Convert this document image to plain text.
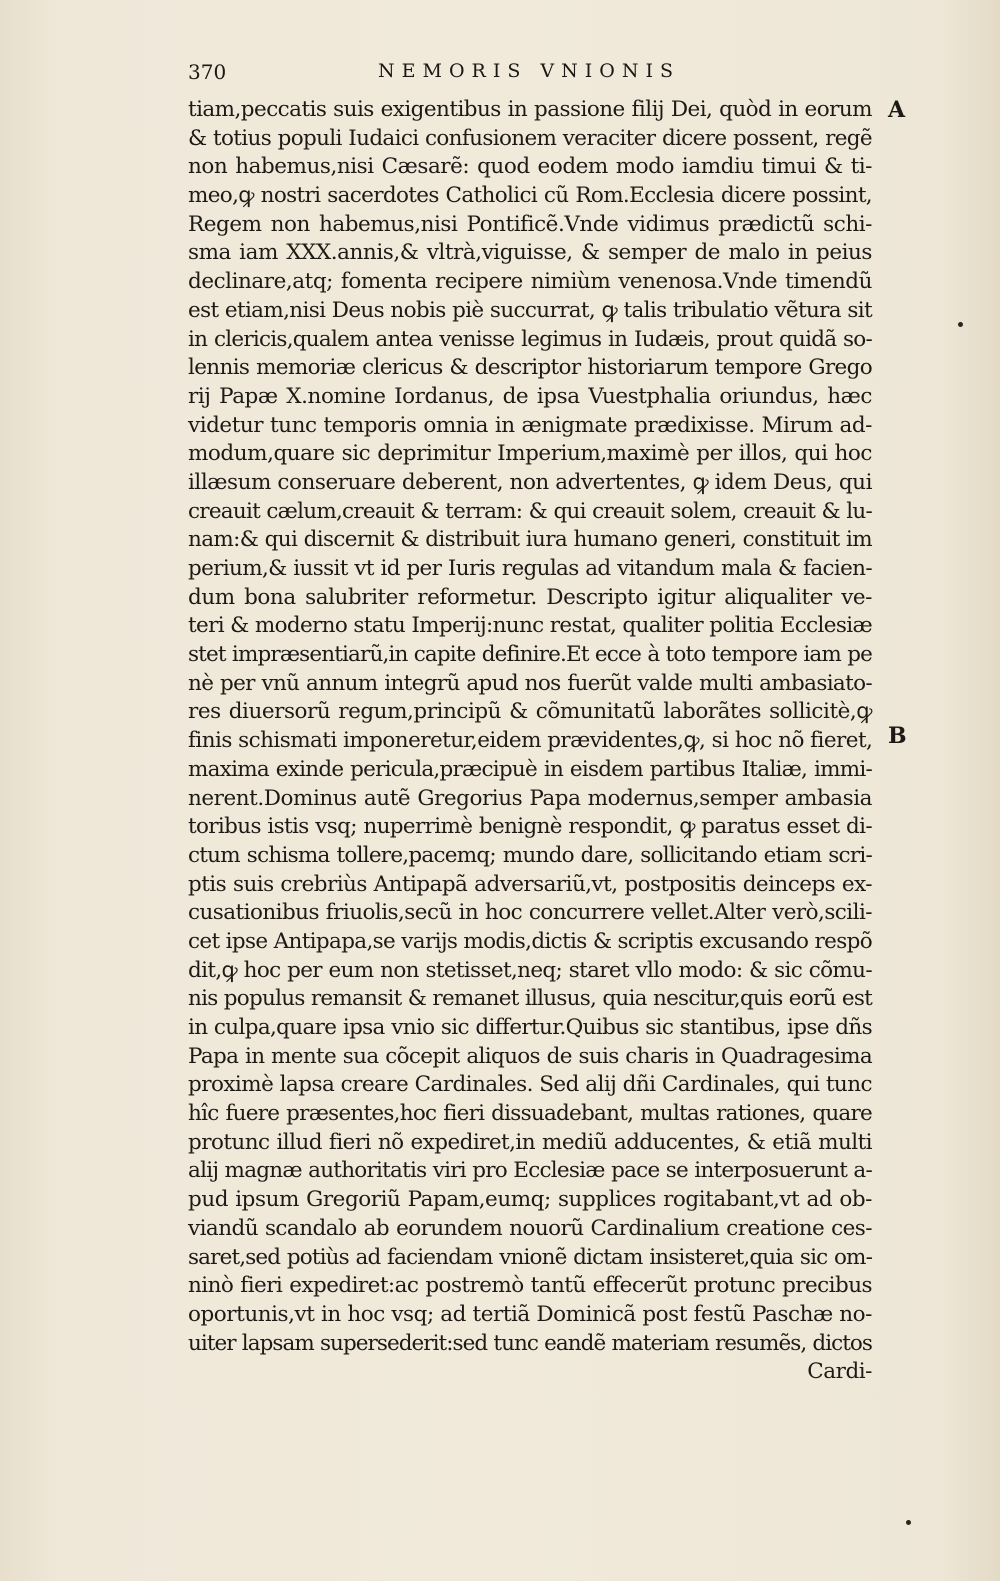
370	NEMORIS VNIONIS
A
B
tiam,peccatis suis exigentibus in passione filij Dei, quòd in eorum
& totius populi Iudaici confusionem veraciter dicere possent, regẽ
non habemus,nisi Cæsarẽ: quod eodem modo iamdiu timui & ti-
meo,ꝙ nostri sacerdotes Catholici cũ Rom.Ecclesia dicere possint,
Regem non habemus,nisi Pontificẽ.Vnde vidimus prædictũ schi-
sma iam XXX.annis,& vltrà,viguisse, & semper de malo in peius
declinare,atq; fomenta recipere nimiùm venenosa.Vnde timendũ
est etiam,nisi Deus nobis piè succurrat, ꝙ talis tribulatio vẽtura sit
in clericis,qualem antea venisse legimus in Iudæis, prout quidã so-
lennis memoriæ clericus & descriptor historiarum tempore Grego
rij Papæ X.nomine Iordanus, de ipsa Vuestphalia oriundus, hæc
videtur tunc temporis omnia in ænigmate prædixisse. Mirum ad-
modum,quare sic deprimitur Imperium,maximè per illos, qui hoc
illæsum conseruare deberent, non advertentes, ꝙ idem Deus, qui
creauit cælum,creauit & terram: & qui creauit solem, creauit & lu-
nam:& qui discernit & distribuit iura humano generi, constituit im
perium,& iussit vt id per Iuris regulas ad vitandum mala & facien-
dum bona salubriter reformetur. Descripto igitur aliqualiter ve-
teri & moderno statu Imperij:nunc restat, qualiter politia Ecclesiæ
stet impræsentiarũ,in capite definire.Et ecce à toto tempore iam pe
nè per vnũ annum integrũ apud nos fuerũt valde multi ambasiato-
res diuersorũ regum,principũ & cõmunitatũ laborãtes sollicitè,ꝙ
finis schismati imponeretur,eidem prævidentes,ꝙ, si hoc nõ fieret,
maxima exinde pericula,præcipuè in eisdem partibus Italiæ, immi-
nerent.Dominus autẽ Gregorius Papa modernus,semper ambasia
toribus istis vsq; nuperrimè benignè respondit, ꝙ paratus esset di-
ctum schisma tollere,pacemq; mundo dare, sollicitando etiam scri-
ptis suis crebriùs Antipapã adversariũ,vt, postpositis deinceps ex-
cusationibus friuolis,secũ in hoc concurrere vellet.Alter verò,scili-
cet ipse Antipapa,se varijs modis,dictis & scriptis excusando respõ
dit,ꝙ hoc per eum non stetisset,neq; staret vllo modo: & sic cõmu-
nis populus remansit & remanet illusus, quia nescitur,quis eorũ est
in culpa,quare ipsa vnio sic differtur.Quibus sic stantibus, ipse dñs
Papa in mente sua cõcepit aliquos de suis charis in Quadragesima
proximè lapsa creare Cardinales. Sed alij dñi Cardinales, qui tunc
hîc fuere præsentes,hoc fieri dissuadebant, multas rationes, quare
protunc illud fieri nõ expediret,in mediũ adducentes, & etiã multi
alij magnæ authoritatis viri pro Ecclesiæ pace se interposuerunt a-
pud ipsum Gregoriũ Papam,eumq; supplices rogitabant,vt ad ob-
viandũ scandalo ab eorundem nouorũ Cardinalium creatione ces-
saret,sed potiùs ad faciendam vnionẽ dictam insisteret,quia sic om-
ninò fieri expediret:ac postremò tantũ effecerũt protunc precibus
oportunis,vt in hoc vsq; ad tertiã Dominicã post festũ Paschæ no-
uiter lapsam supersederit:sed tunc eandẽ materiam resumẽs, dictos
Cardi-
